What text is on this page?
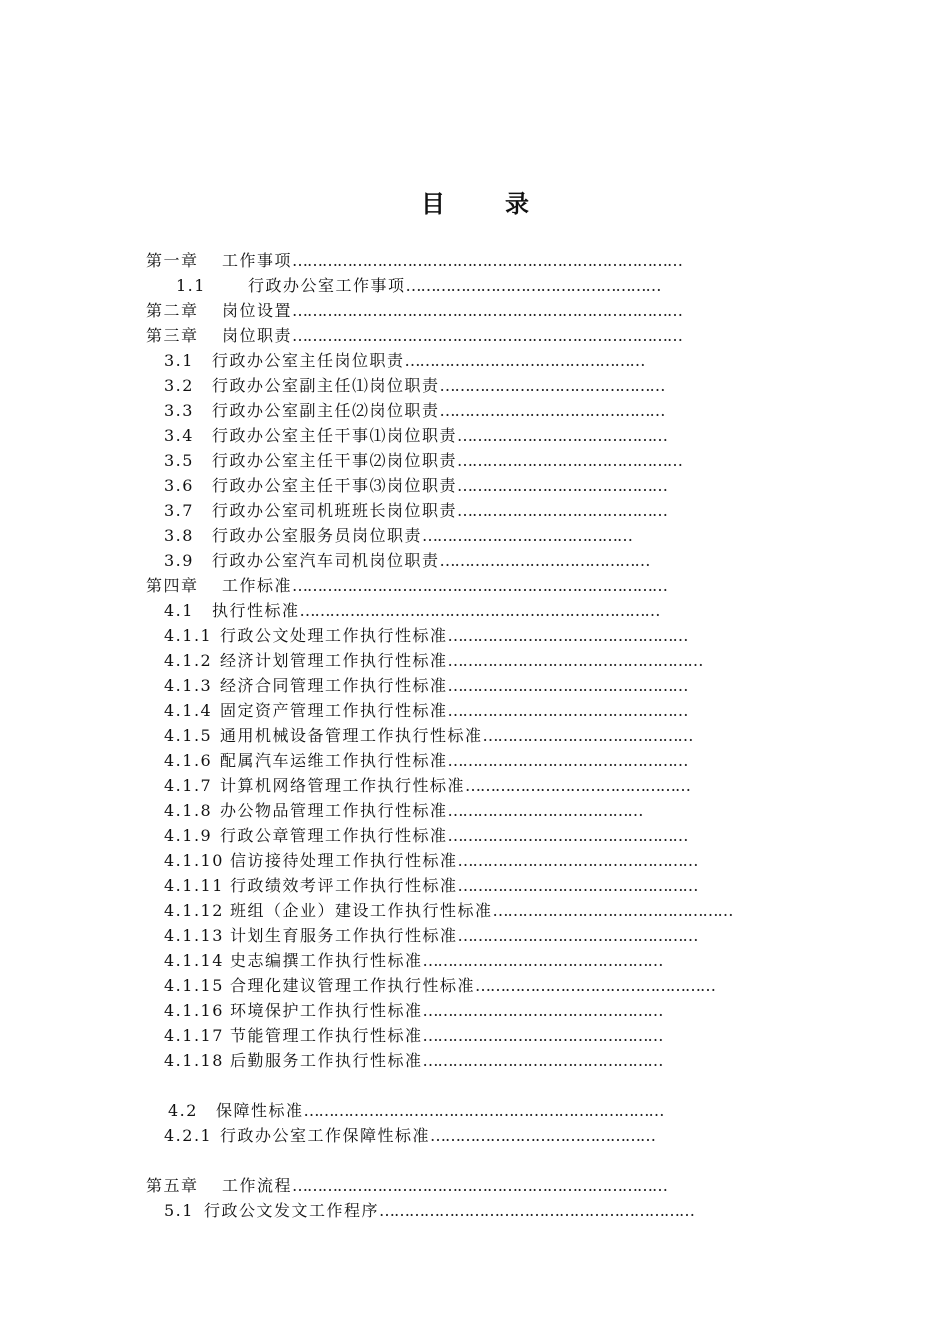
目　录
第一章 工作事项……………………………………………………………………
1.1	行政办公室工作事项……………………………………………
第二章 岗位设置……………………………………………………………………
第三章 岗位职责……………………………………………………………………
3.1 行政办公室主任岗位职责…………………………………………
3.2 行政办公室副主任⑴岗位职责………………………………………
3.3 行政办公室副主任⑵岗位职责………………………………………
3.4 行政办公室主任干事⑴岗位职责……………………………………
3.5 行政办公室主任干事⑵岗位职责………………………………………
3.6 行政办公室主任干事⑶岗位职责……………………………………
3.7 行政办公室司机班班长岗位职责……………………………………
3.8 行政办公室服务员岗位职责……………………………………
3.9 行政办公室汽车司机岗位职责……………………………………
第四章 工作标准…………………………………………………………………
4.1 执行性标准………………………………………………………………
4.1.1 行政公文处理工作执行性标准…………………………………………
4.1.2 经济计划管理工作执行性标准……………………………………………
4.1.3 经济合同管理工作执行性标准…………………………………………
4.1.4 固定资产管理工作执行性标准…………………………………………
4.1.5 通用机械设备管理工作执行性标准……………………………………
4.1.6 配属汽车运维工作执行性标准…………………………………………
4.1.7 计算机网络管理工作执行性标准………………………………………
4.1.8 办公物品管理工作执行性标准…………………………………
4.1.9 行政公章管理工作执行性标准…………………………………………
4.1.10 信访接待处理工作执行性标准…………………………………………
4.1.11 行政绩效考评工作执行性标准…………………………………………
4.1.12 班组（企业）建设工作执行性标准…………………………………………
4.1.13 计划生育服务工作执行性标准…………………………………………
4.1.14 史志编撰工作执行性标准…………………………………………
4.1.15 合理化建议管理工作执行性标准…………………………………………
4.1.16 环境保护工作执行性标准…………………………………………
4.1.17 节能管理工作执行性标准…………………………………………
4.1.18 后勤服务工作执行性标准…………………………………………
4.2 保障性标准………………………………………………………………
4.2.1 行政办公室工作保障性标准………………………………………
第五章 工作流程…………………………………………………………………
5.1 行政公文发文工作程序………………………………………………………
